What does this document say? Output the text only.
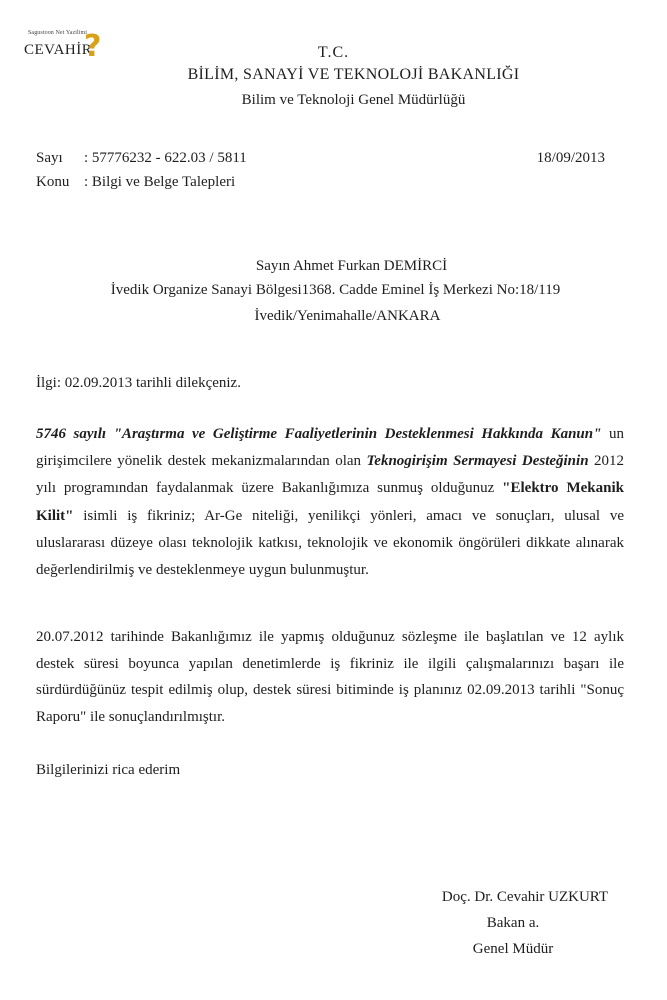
Sagustoon Net Yazilimi
CEVAHİR
?	T.C.
BİLİM, SANAYİ VE TEKNOLOJİ BAKANLIĞI
Bilim ve Teknoloji Genel Müdürlüğü
Sayı : 57776232 - 622.03 / 5811
Konu : Bilgi ve Belge Talepleri
18/09/2013
Sayın Ahmet Furkan DEMİRCİ
İvedik Organize Sanayi Bölgesi1368. Cadde Eminel İş Merkezi No:18/119
İvedik/Yenimahalle/ANKARA
İlgi: 02.09.2013 tarihli dilekçeniz.
5746 sayılı "Araştırma ve Geliştirme Faaliyetlerinin Desteklenmesi Hakkında Kanun" un girişimcilere yönelik destek mekanizmalarından olan Teknogirişim Sermayesi Desteğinin 2012 yılı programından faydalanmak üzere Bakanlığımıza sunmuş olduğunuz "Elektro Mekanik Kilit" isimli iş fikriniz; Ar-Ge niteliği, yenilikçi yönleri, amacı ve sonuçları, ulusal ve uluslararası düzeye olası teknolojik katkısı, teknolojik ve ekonomik öngörüleri dikkate alınarak değerlendirilmiş ve desteklenmeye uygun bulunmuştur.
20.07.2012 tarihinde Bakanlığımız ile yapmış olduğunuz sözleşme ile başlatılan ve 12 aylık destek süresi boyunca yapılan denetimlerde iş fikriniz ile ilgili çalışmalarınızı başarı ile sürdürdüğünüz tespit edilmiş olup, destek süresi bitiminde iş planınız 02.09.2013 tarihli "Sonuç Raporu" ile sonuçlandırılmıştır.
Bilgilerinizi rica ederim
Doç. Dr. Cevahir UZKURT
Bakan a.
Genel Müdür
